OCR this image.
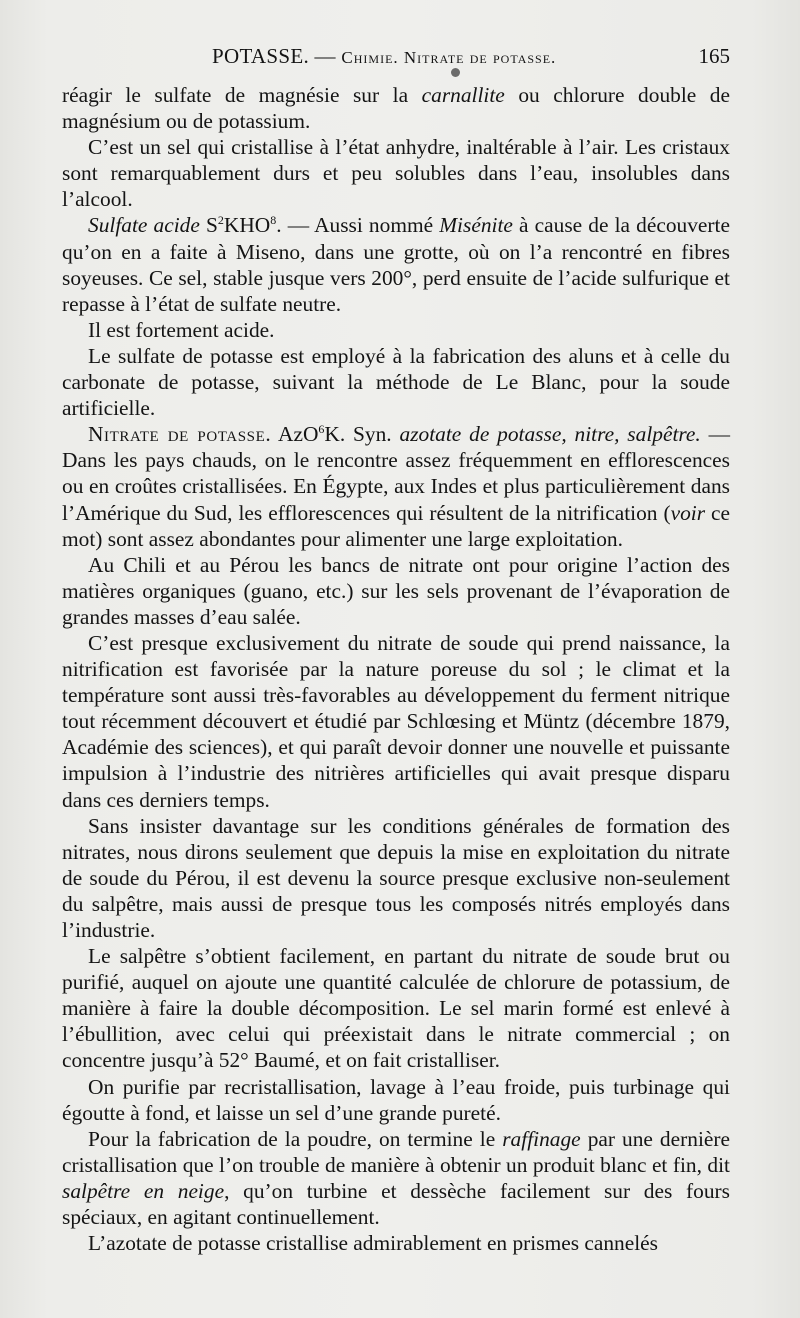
POTASSE. — Chimie. Nitrate de potasse.	165

réagir le sulfate de magnésie sur la carnallite ou chlorure double de magnésium ou de potassium.

C’est un sel qui cristallise à l’état anhydre, inaltérable à l’air. Les cristaux sont remarquablement durs et peu solubles dans l’eau, insolubles dans l’alcool.

Sulfate acide $S^2KHO^8$. — Aussi nommé Misénite à cause de la découverte qu’on en a faite à Miseno, dans une grotte, où on l’a rencontré en fibres soyeuses. Ce sel, stable jusque vers 200°, perd ensuite de l’acide sulfurique et repasse à l’état de sulfate neutre.

Il est fortement acide.

Le sulfate de potasse est employé à la fabrication des aluns et à celle du carbonate de potasse, suivant la méthode de Le Blanc, pour la soude artificielle.

Nitrate de potasse. AzO$^6$K. Syn. azotate de potasse, nitre, salpêtre. — Dans les pays chauds, on le rencontre assez fréquemment en efflorescences ou en croûtes cristallisées. En Égypte, aux Indes et plus particulièrement dans l’Amérique du Sud, les efflorescences qui résultent de la nitrification (voir ce mot) sont assez abondantes pour alimenter une large exploitation.

Au Chili et au Pérou les bancs de nitrate ont pour origine l’action des matières organiques (guano, etc.) sur les sels provenant de l’évaporation de grandes masses d’eau salée.

C’est presque exclusivement du nitrate de soude qui prend naissance, la nitrification est favorisée par la nature poreuse du sol ; le climat et la température sont aussi très-favorables au développement du ferment nitrique tout récemment découvert et étudié par Schlœsing et Müntz (décembre 1879, Académie des sciences), et qui paraît devoir donner une nouvelle et puissante impulsion à l’industrie des nitrières artificielles qui avait presque disparu dans ces derniers temps.

Sans insister davantage sur les conditions générales de formation des nitrates, nous dirons seulement que depuis la mise en exploitation du nitrate de soude du Pérou, il est devenu la source presque exclusive non-seulement du salpêtre, mais aussi de presque tous les composés nitrés employés dans l’industrie.

Le salpêtre s’obtient facilement, en partant du nitrate de soude brut ou purifié, auquel on ajoute une quantité calculée de chlorure de potassium, de manière à faire la double décomposition. Le sel marin formé est enlevé à l’ébullition, avec celui qui préexistait dans le nitrate commercial ; on concentre jusqu’à 52° Baumé, et on fait cristalliser.

On purifie par recristallisation, lavage à l’eau froide, puis turbinage qui égoutte à fond, et laisse un sel d’une grande pureté.

Pour la fabrication de la poudre, on termine le raffinage par une dernière cristallisation que l’on trouble de manière à obtenir un produit blanc et fin, dit salpêtre en neige, qu’on turbine et dessèche facilement sur des fours spéciaux, en agitant continuellement.

L’azotate de potasse cristallise admirablement en prismes cannelés
